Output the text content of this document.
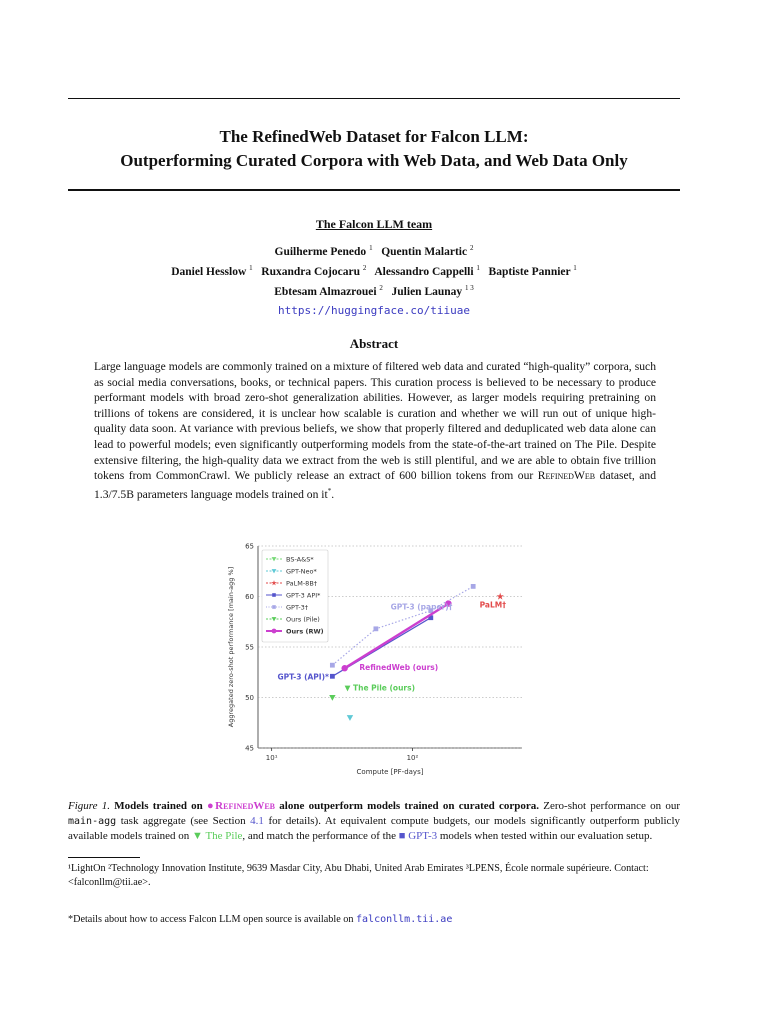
The RefinedWeb Dataset for Falcon LLM:
Outperforming Curated Corpora with Web Data, and Web Data Only
The Falcon LLM team
Guilherme Penedo $^1$ Quentin Malartic $^2$
Daniel Hesslow $^1$ Ruxandra Cojocaru $^2$ Alessandro Cappelli $^1$ Baptiste Pannier $^1$
Ebtesam Almazrouei $^2$ Julien Launay $^{1 3}$
https://huggingface.co/tiiuae
Abstract
Large language models are commonly trained on a mixture of filtered web data and curated “high-quality” corpora, such as social media conversations, books, or technical papers. This curation process is believed to be necessary to produce performant models with broad zero-shot generalization abilities. However, as larger models requiring pretraining on trillions of tokens are considered, it is unclear how scalable is curation and whether we will run out of unique high-quality data soon. At variance with previous beliefs, we show that properly filtered and deduplicated web data alone can lead to powerful models; even significantly outperforming models from the state-of-the-art trained on The Pile. Despite extensive filtering, the high-quality data we extract from the web is still plentiful, and we are able to obtain five trillion tokens from CommonCrawl. We publicly release an extract of 600 billion tokens from our RefinedWeb dataset, and 1.3/7.5B parameters language models trained on it*.
45
50
55
60
65
10¹	10²
Compute [PF-days]
Aggregated zero-shot performance [main-agg %]	GPT-3 (paper)†	PaLM†
RefinedWeb (ours)
GPT-3 (API)*
▼ The Pile (ours)
BS-A&S*
GPT-Neo*
PaLM-8B†
GPT-3 API*
GPT-3†
Ours (Pile)
Ours (RW)
Figure 1. Models trained on ●RefinedWeb alone outperform models trained on curated corpora. Zero-shot performance on our main-agg task aggregate (see Section 4.1 for details). At equivalent compute budgets, our models significantly outperform publicly available models trained on ▼ The Pile, and match the performance of the ■ GPT-3 models when tested within our evaluation setup.
¹LightOn ²Technology Innovation Institute, 9639 Masdar City, Abu Dhabi, United Arab Emirates ³LPENS, École normale supérieure. Contact: <falconllm@tii.ae>.
*Details about how to access Falcon LLM open source is available on falconllm.tii.ae
